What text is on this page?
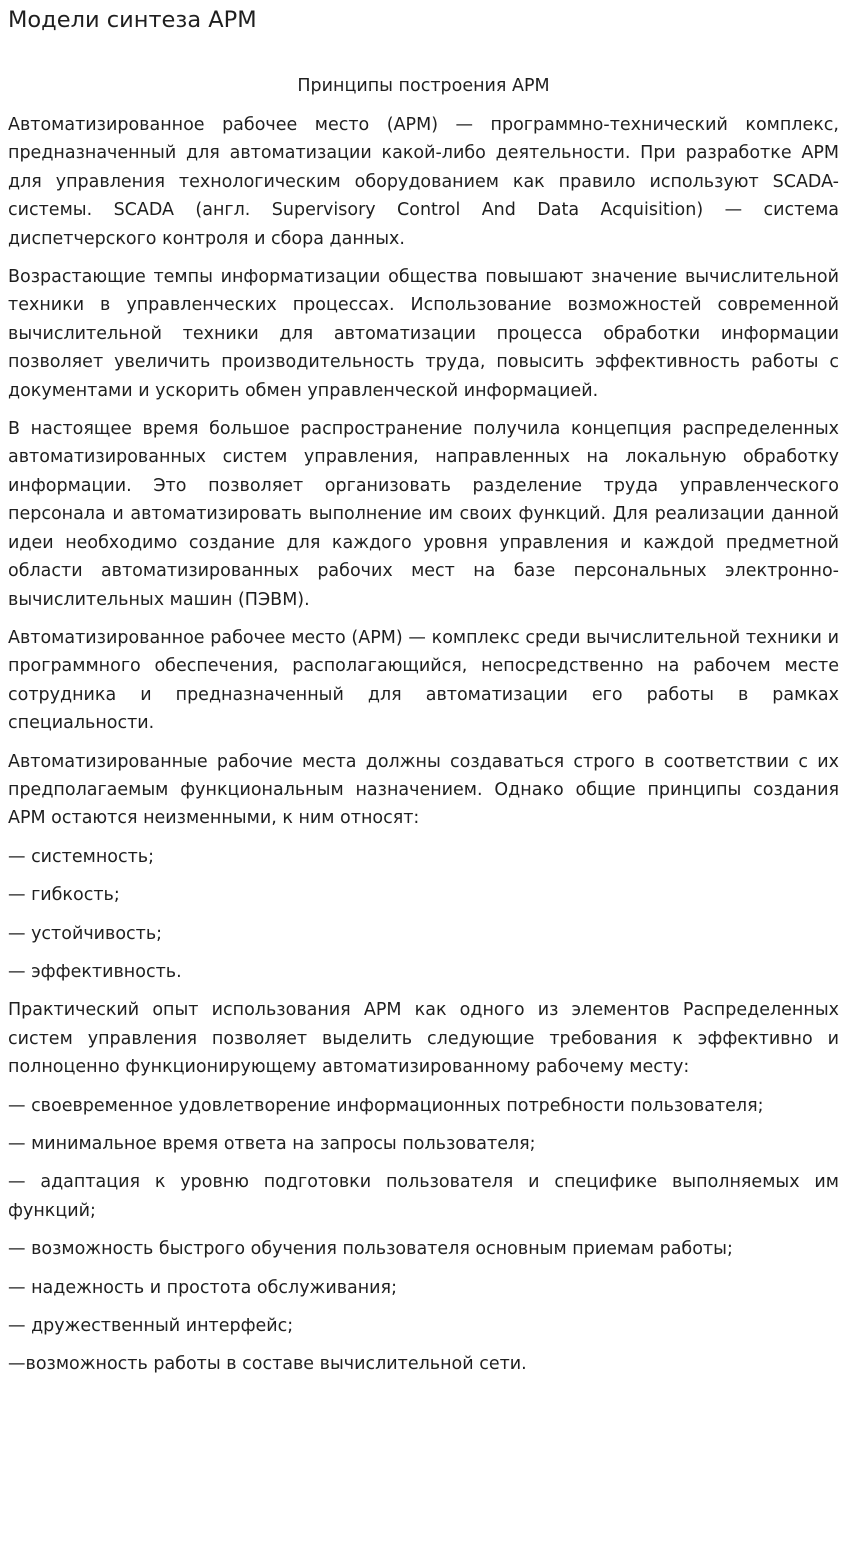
Модели синтеза АРМ
Принципы построения АРМ

Автоматизированное рабочее место (АРМ) — программно-технический комплекс, предназначенный для автоматизации какой-либо деятельности. При разработке АРМ для управления технологическим оборудованием как правило используют SCADA-системы. SCADA (англ. Supervisory Control And Data Acquisition) — система диспетчерского контроля и сбора данных.

Возрастающие темпы информатизации общества повышают значение вычислительной техники в управленческих процессах. Использование возможностей современной вычислительной техники для автоматизации процесса обработки информации позволяет увеличить производительность труда, повысить эффективность работы с документами и ускорить обмен управленческой информацией.

В настоящее время большое распространение получила концепция распределенных автоматизированных систем управления, направленных на локальную обработку информации. Это позволяет организовать разделение труда управленческого персонала и автоматизировать выполнение им своих функций. Для реализации данной идеи необходимо создание для каждого уровня управления и каждой предметной области автоматизированных рабочих мест на базе персональных электронно-вычислительных машин (ПЭВМ).

Автоматизированное рабочее место (АРМ) — комплекс среди вычислительной техники и программного обеспечения, располагающийся, непосредственно на рабочем месте сотрудника и предназначенный для автоматизации его работы в рамках специальности.

Автоматизированные рабочие места должны создаваться строго в соответствии с их предполагаемым функциональным назначением. Однако общие принципы создания АРМ остаются неизменными, к ним относят:

— системность;

— гибкость;

— устойчивость;

— эффективность.

Практический опыт использования АРМ как одного из элементов Распределенных систем управления позволяет выделить следующие требования к эффективно и полноценно функционирующему автоматизированному рабочему месту:

— своевременное удовлетворение информационных потребности пользователя;

— минимальное время ответа на запросы пользователя;

— адаптация к уровню подготовки пользователя и специфике выполняемых им функций;

— возможность быстрого обучения пользователя основным приемам работы;

— надежность и простота обслуживания;

— дружественный интерфейс;

—возможность работы в составе вычислительной сети.
